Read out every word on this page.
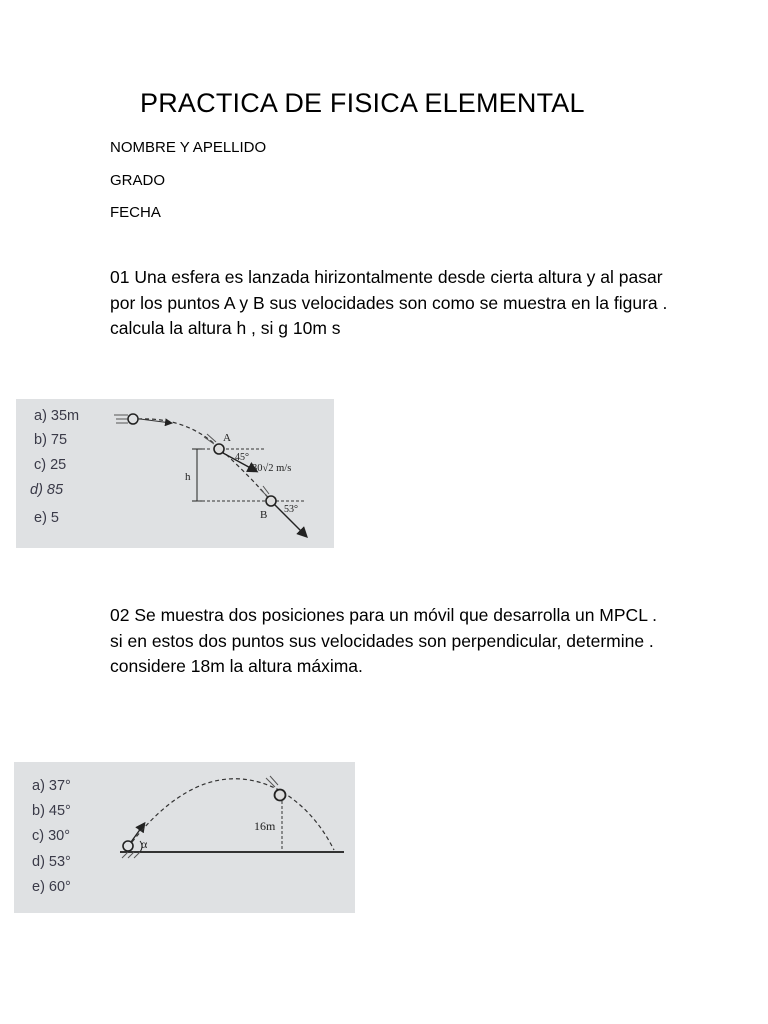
PRACTICA DE FISICA ELEMENTAL
NOMBRE Y APELLIDO
GRADO
FECHA
01 Una esfera es lanzada hirizontalmente desde cierta altura y al pasar por los puntos A y B sus velocidades son como se muestra en la figura . calcula la altura h , si g 10m s
a) 35m
b) 75
c) 25
d) 85
e) 5
A
45°
30√2 m/s
h
B 53°
02 Se muestra dos posiciones para un móvil que desarrolla un MPCL . si en estos dos puntos sus velocidades son perpendicular, determine . considere 18m la altura máxima.
a) 37°
b) 45°
c) 30°
d) 53°
e) 60°
α
16m
